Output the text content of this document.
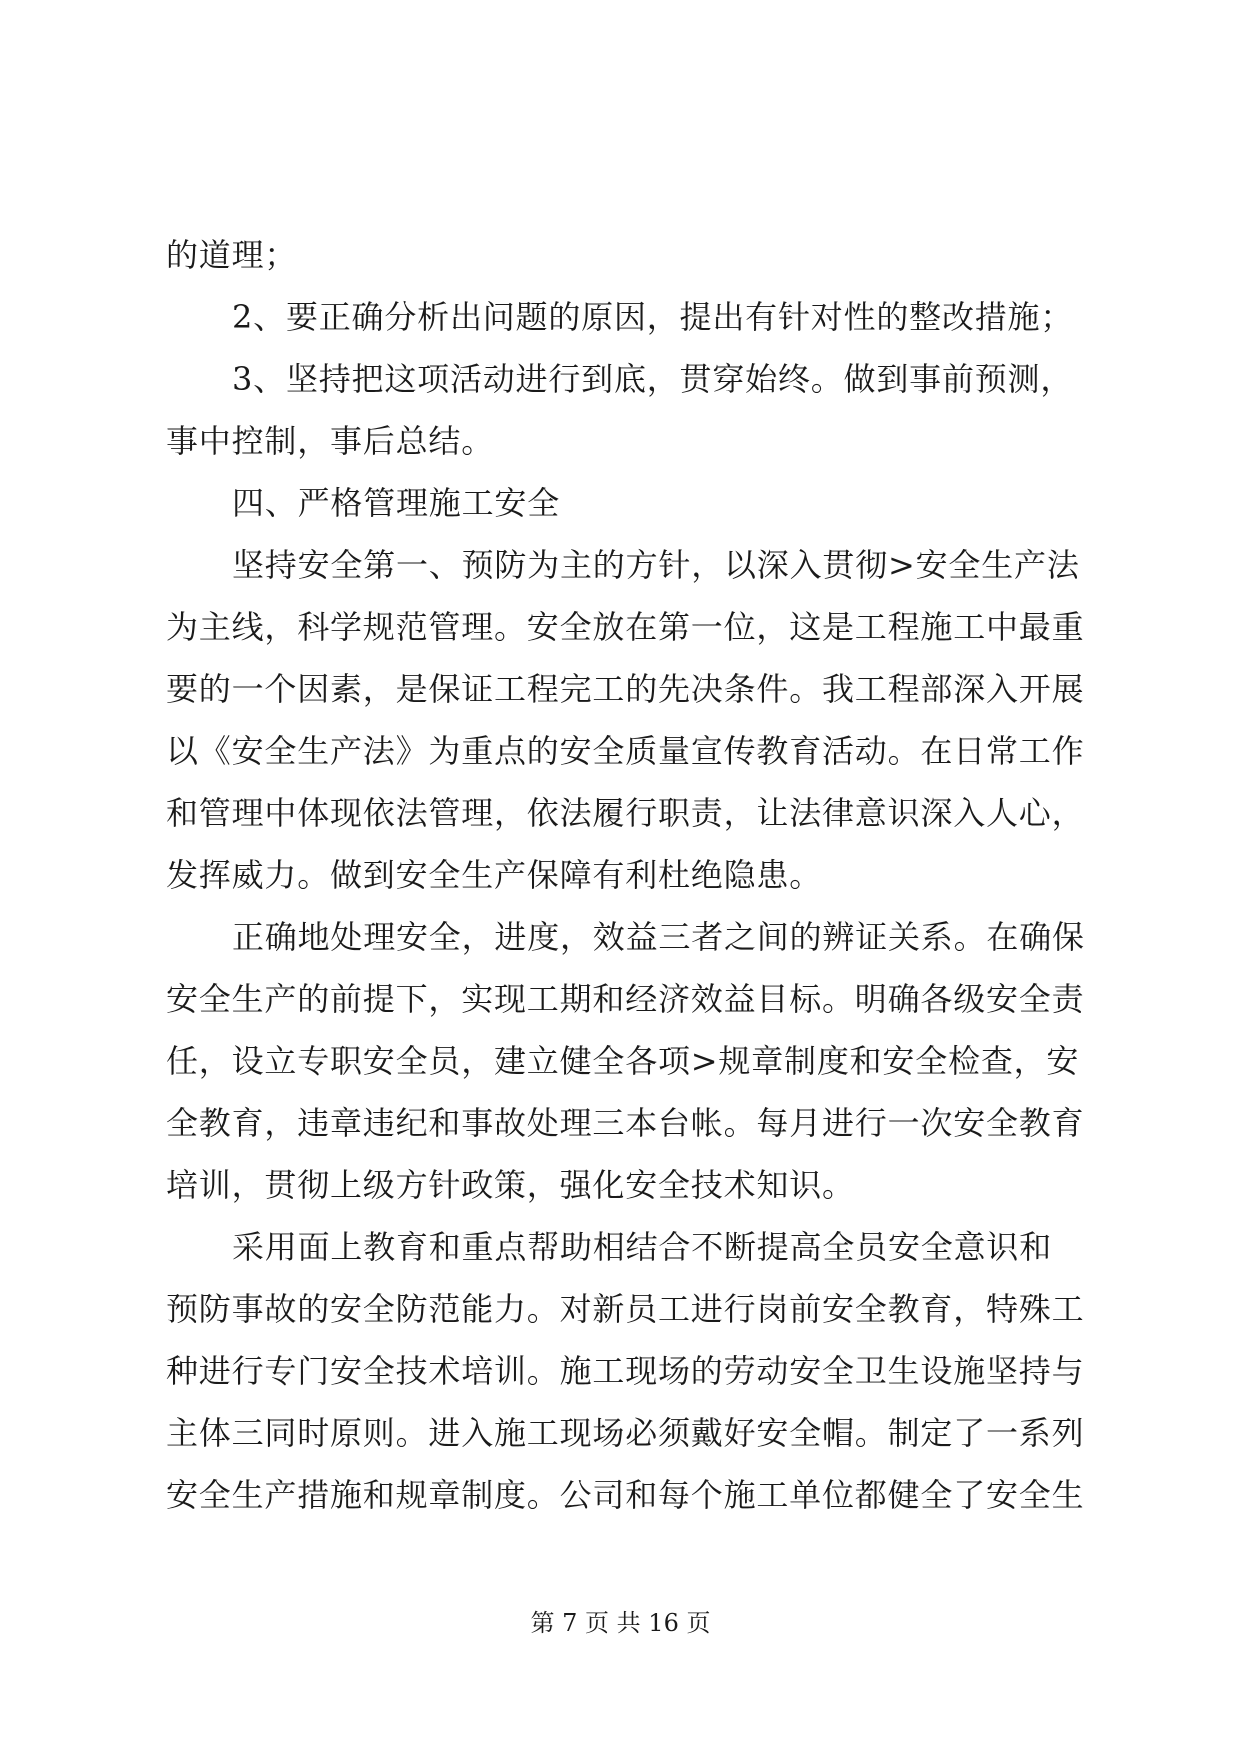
的道理；
2、要正确分析出问题的原因，提出有针对性的整改措施；
3、坚持把这项活动进行到底，贯穿始终。做到事前预测，
事中控制，事后总结。
四、严格管理施工安全
坚持安全第一、预防为主的方针，以深入贯彻>安全生产法
为主线，科学规范管理。安全放在第一位，这是工程施工中最重
要的一个因素，是保证工程完工的先决条件。我工程部深入开展
以《安全生产法》为重点的安全质量宣传教育活动。在日常工作
和管理中体现依法管理，依法履行职责，让法律意识深入人心，
发挥威力。做到安全生产保障有利杜绝隐患。
正确地处理安全，进度，效益三者之间的辨证关系。在确保
安全生产的前提下，实现工期和经济效益目标。明确各级安全责
任，设立专职安全员，建立健全各项>规章制度和安全检查，安
全教育，违章违纪和事故处理三本台帐。每月进行一次安全教育
培训，贯彻上级方针政策，强化安全技术知识。
采用面上教育和重点帮助相结合不断提高全员安全意识和
预防事故的安全防范能力。对新员工进行岗前安全教育，特殊工
种进行专门安全技术培训。施工现场的劳动安全卫生设施坚持与
主体三同时原则。进入施工现场必须戴好安全帽。制定了一系列
安全生产措施和规章制度。公司和每个施工单位都健全了安全生
第 7 页 共 16 页
